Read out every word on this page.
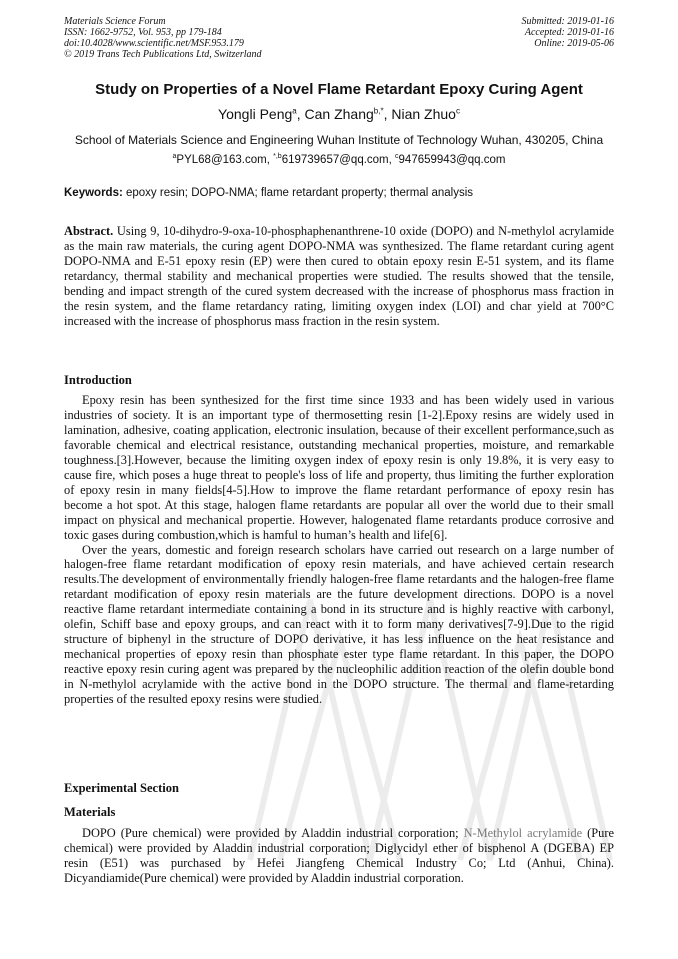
Materials Science Forum
ISSN: 1662-9752, Vol. 953, pp 179-184
doi:10.4028/www.scientific.net/MSF.953.179
© 2019 Trans Tech Publications Ltd, Switzerland
Submitted: 2019-01-16
Accepted: 2019-01-16
Online: 2019-05-06
Study on Properties of a Novel Flame Retardant Epoxy Curing Agent
Yongli Peng$^a$, Can Zhang$^{b,*}$, Nian Zhuo$^c$
School of Materials Science and Engineering Wuhan Institute of Technology Wuhan, 430205, China
$^a$PYL68@163.com, $^{*,b}$619739657@qq.com, $^c$947659943@qq.com
Keywords: epoxy resin; DOPO-NMA; flame retardant property; thermal analysis

Abstract. Using 9, 10-dihydro-9-oxa-10-phosphaphenanthrene-10 oxide (DOPO) and N-methylol acrylamide as the main raw materials, the curing agent DOPO-NMA was synthesized. The flame retardant curing agent DOPO-NMA and E-51 epoxy resin (EP) were then cured to obtain epoxy resin E-51 system, and its flame retardancy, thermal stability and mechanical properties were studied. The results showed that the tensile, bending and impact strength of the cured system decreased with the increase of phosphorus mass fraction in the resin system, and the flame retardancy rating, limiting oxygen index (LOI) and char yield at 700°C increased with the increase of phosphorus mass fraction in the resin system.

Introduction

Epoxy resin has been synthesized for the first time since 1933 and has been widely used in various industries of society. It is an important type of thermosetting resin [1-2].Epoxy resins are widely used in lamination, adhesive, coating application, electronic insulation, because of their excellent performance,such as favorable chemical and electrical resistance, outstanding mechanical properties, moisture, and remarkable toughness.[3].However, because the limiting oxygen index of epoxy resin is only 19.8%, it is very easy to cause fire, which poses a huge threat to people's loss of life and property, thus limiting the further exploration of epoxy resin in many fields[4-5].How to improve the flame retardant performance of epoxy resin has become a hot spot. At this stage, halogen flame retardants are popular all over the world due to their small impact on physical and mechanical propertie. However, halogenated flame retardants produce corrosive and toxic gases during combustion,which is hamful to human’s health and life[6].

Over the years, domestic and foreign research scholars have carried out research on a large number of halogen-free flame retardant modification of epoxy resin materials, and have achieved certain research results.The development of environmentally friendly halogen-free flame retardants and the halogen-free flame retardant modification of epoxy resin materials are the future development directions. DOPO is a novel reactive flame retardant intermediate containing a bond in its structure and is highly reactive with carbonyl, olefin, Schiff base and epoxy groups, and can react with it to form many derivatives[7-9].Due to the rigid structure of biphenyl in the structure of DOPO derivative, it has less influence on the heat resistance and mechanical properties of epoxy resin than phosphate ester type flame retardant. In this paper, the DOPO reactive epoxy resin curing agent was prepared by the nucleophilic addition reaction of the olefin double bond in N-methylol acrylamide with the active bond in the DOPO structure. The thermal and flame-retarding properties of the resulted epoxy resins were studied.

Experimental Section
Materials

DOPO (Pure chemical) were provided by Aladdin industrial corporation; N-Methylol acrylamide (Pure chemical) were provided by Aladdin industrial corporation; Diglycidyl ether of bisphenol A (DGEBA) EP resin (E51) was purchased by Hefei Jiangfeng Chemical Industry Co; Ltd (Anhui, China). Dicyandiamide(Pure chemical) were provided by Aladdin industrial corporation.
